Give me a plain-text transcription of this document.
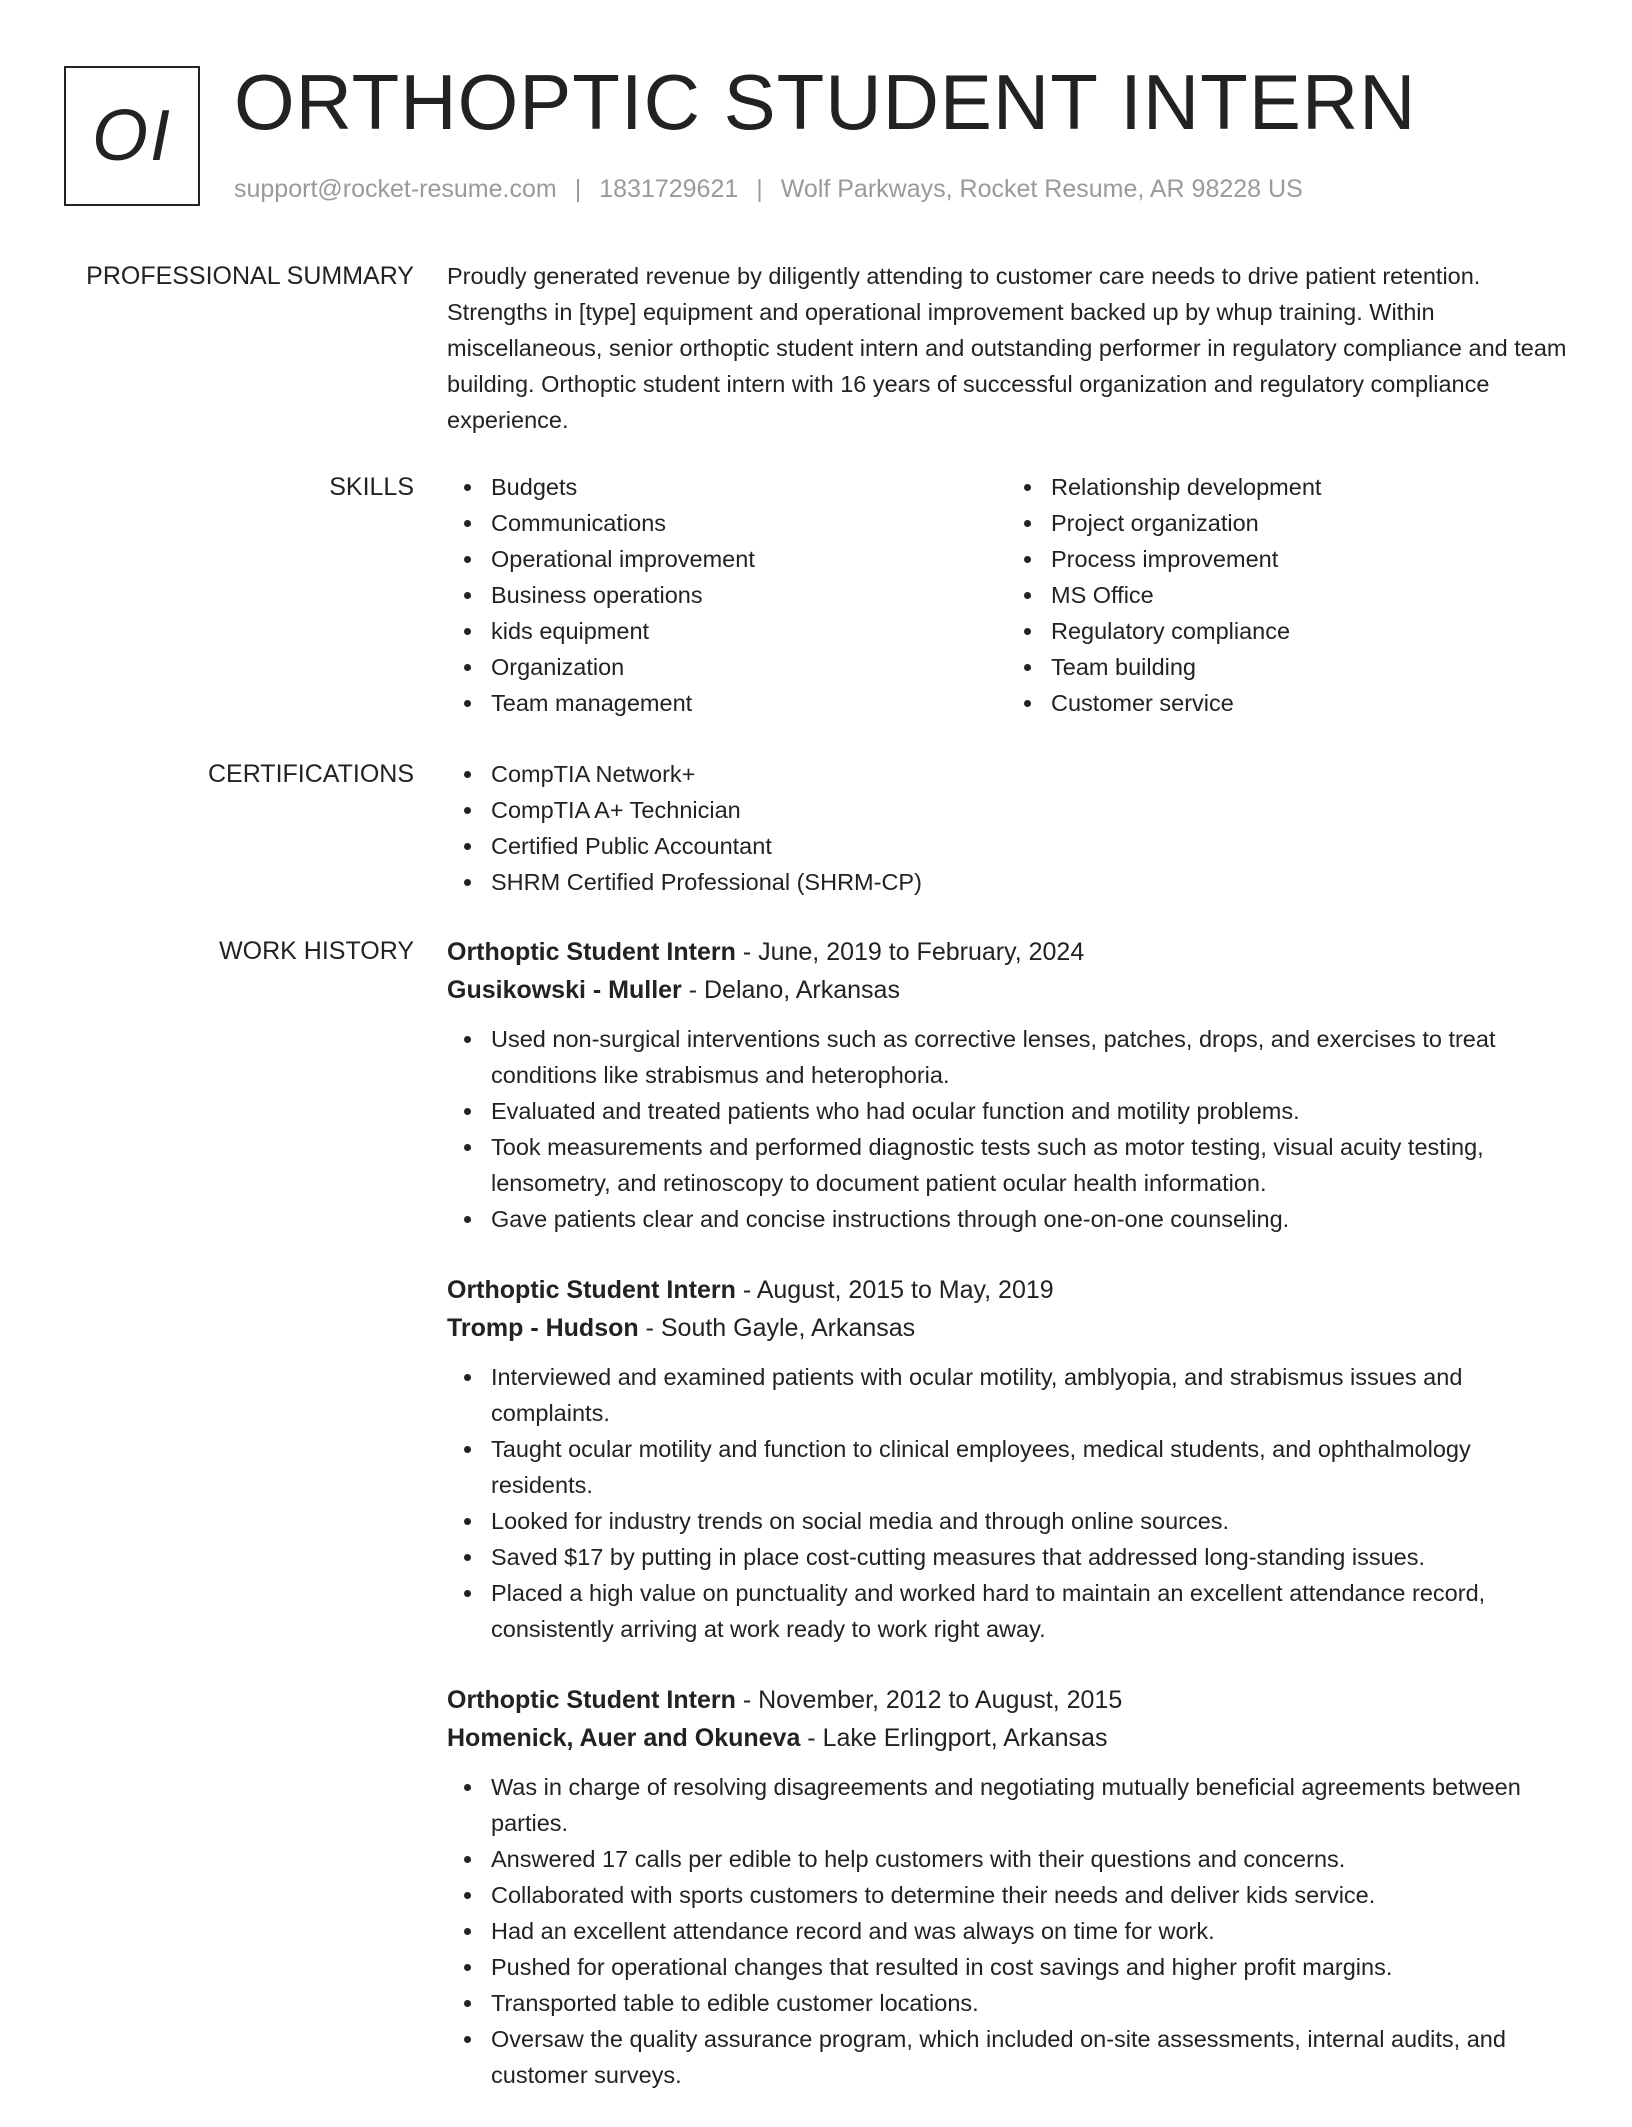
OI ORTHOPTIC STUDENT INTERN
support@rocket-resume.com | 1831729621 | Wolf Parkways, Rocket Resume, AR 98228 US
PROFESSIONAL SUMMARY Proudly generated revenue by diligently attending to customer care needs to drive patient retention. Strengths in [type] equipment and operational improvement backed up by whup training. Within miscellaneous, senior orthoptic student intern and outstanding performer in regulatory compliance and team building. Orthoptic student intern with 16 years of successful organization and regulatory compliance experience.

SKILLS	Budgets
Communications
Operational improvement
Business operations
kids equipment
Organization
Team management
Relationship development
Project organization
Process improvement
MS Office
Regulatory compliance
Team building
Customer service
CERTIFICATIONS	CompTIA Network+
CompTIA A+ Technician
Certified Public Accountant
SHRM Certified Professional (SHRM-CP)
WORK HISTORY Orthoptic Student Intern - June, 2019 to February, 2024
Gusikowski - Muller - Delano, Arkansas
Used non-surgical interventions such as corrective lenses, patches, drops, and exercises to treat conditions like strabismus and heterophoria.
Evaluated and treated patients who had ocular function and motility problems.
Took measurements and performed diagnostic tests such as motor testing, visual acuity testing, lensometry, and retinoscopy to document patient ocular health information.
Gave patients clear and concise instructions through one-on-one counseling.
Orthoptic Student Intern - August, 2015 to May, 2019
Tromp - Hudson - South Gayle, Arkansas
Interviewed and examined patients with ocular motility, amblyopia, and strabismus issues and complaints.
Taught ocular motility and function to clinical employees, medical students, and ophthalmology residents.
Looked for industry trends on social media and through online sources.
Saved $17 by putting in place cost-cutting measures that addressed long-standing issues.
Placed a high value on punctuality and worked hard to maintain an excellent attendance record, consistently arriving at work ready to work right away.
Orthoptic Student Intern - November, 2012 to August, 2015
Homenick, Auer and Okuneva - Lake Erlingport, Arkansas
Was in charge of resolving disagreements and negotiating mutually beneficial agreements between parties.
Answered 17 calls per edible to help customers with their questions and concerns.
Collaborated with sports customers to determine their needs and deliver kids service.
Had an excellent attendance record and was always on time for work.
Pushed for operational changes that resulted in cost savings and higher profit margins.
Transported table to edible customer locations.
Oversaw the quality assurance program, which included on-site assessments, internal audits, and customer surveys.
